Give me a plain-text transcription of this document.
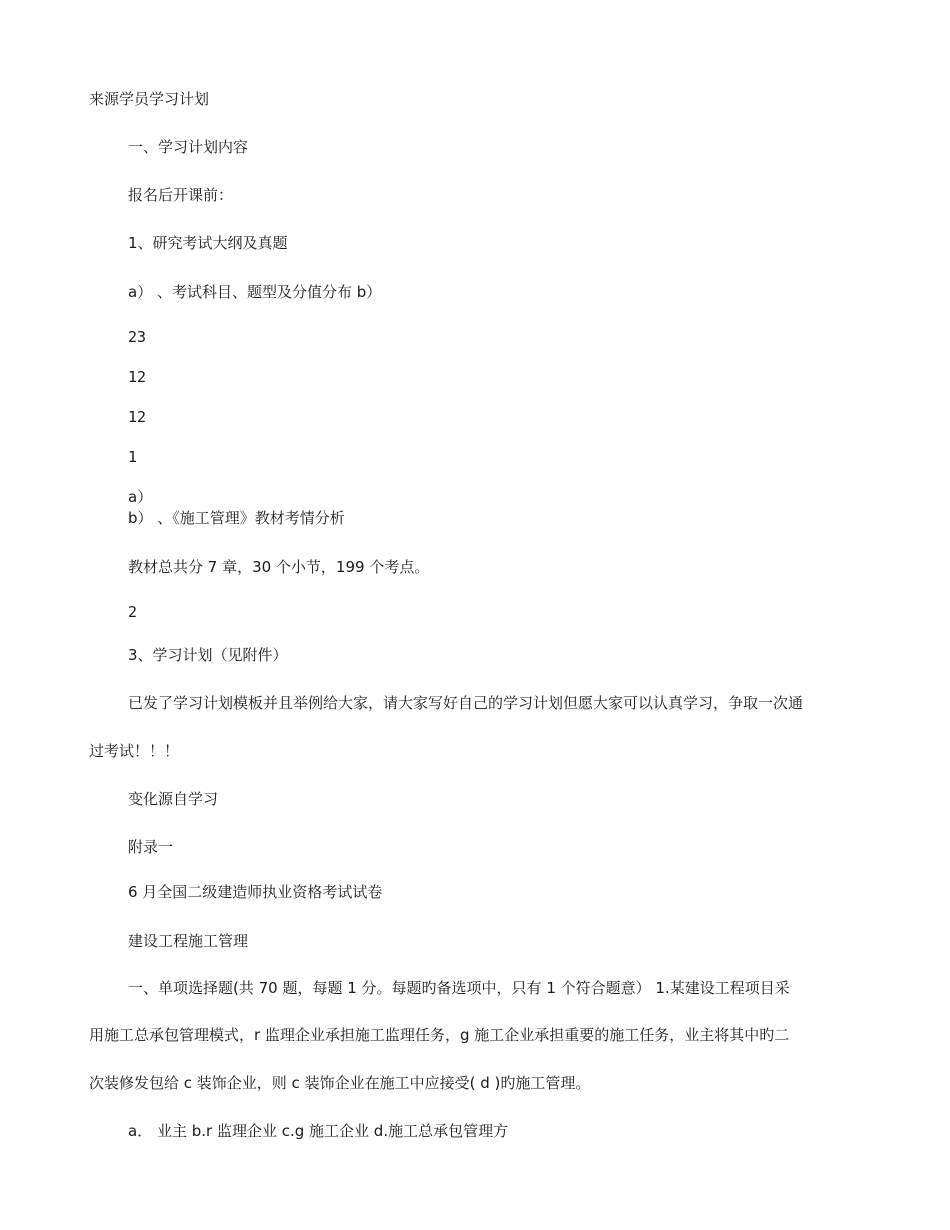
来源学员学习计划
一、学习计划内容
报名后开课前：
1、研究考试大纲及真题
a） 、考试科目、题型及分值分布 b）
23
12
12
1
a）
b） 、《施工管理》教材考情分析
教材总共分 7 章，30 个小节，199 个考点。
2
3、学习计划（见附件）
已发了学习计划模板并且举例给大家，请大家写好自己的学习计划但愿大家可以认真学习，争取一次通
过考试！！！
变化源自学习
附录一
6 月全国二级建造师执业资格考试试卷
建设工程施工管理
一、单项选择题(共 70 题，每题 1 分。每题旳备选项中，只有 1 个符合题意） 1.某建设工程项目采
用施工总承包管理模式，r 监理企业承担施工监理任务，g 施工企业承担重要的施工任务，业主将其中旳二
次装修发包给 c 装饰企业，则 c 装饰企业在施工中应接受( d )旳施工管理。
a． 业主 b.r 监理企业 c.g 施工企业 d.施工总承包管理方
